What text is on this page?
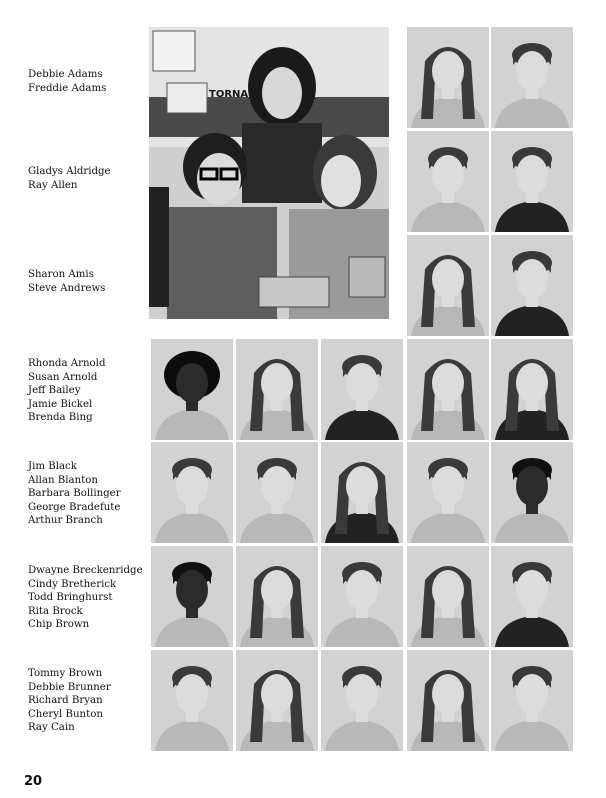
Debbie Adams
Freddie Adams
Gladys Aldridge
Ray Allen
Sharon Amis
Steve Andrews
Rhonda Arnold
Susan Arnold
Jeff Bailey
Jamie Bickel
Brenda Bing
Jim Black
Allan Blanton
Barbara Bollinger
George Bradefute
Arthur Branch
Dwayne Breckenridge
Cindy Bretherick
Todd Bringhurst
Rita Brock
Chip Brown
Tommy Brown
Debbie Brunner
Richard Bryan
Cheryl Bunton
Ray Cain
TORNA
20
